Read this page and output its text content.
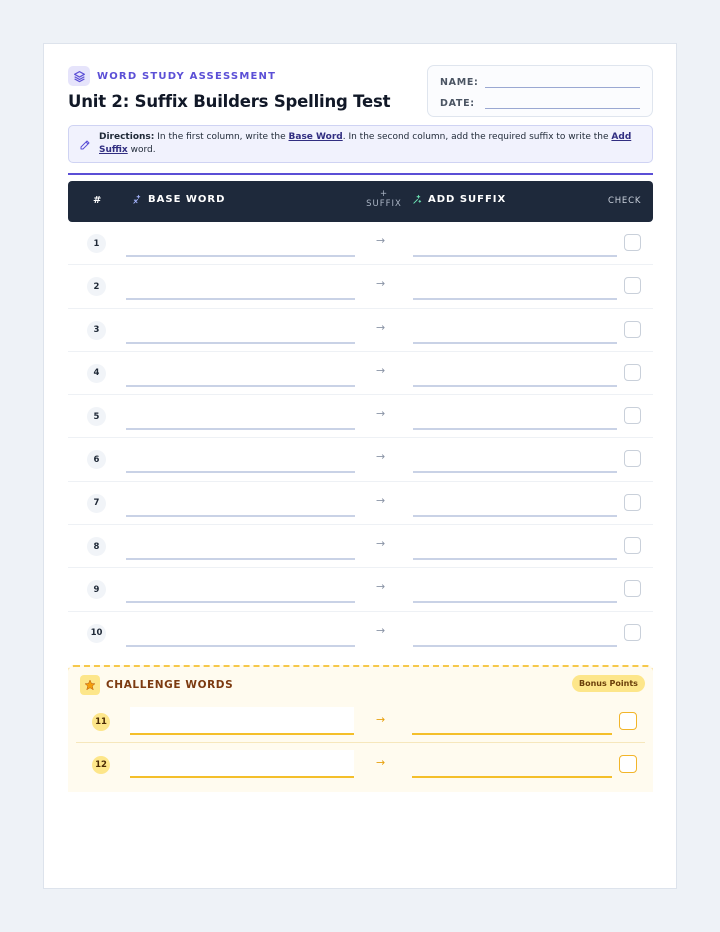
WORD STUDY ASSESSMENT
Unit 2: Suffix Builders Spelling Test
NAME:
DATE:

Directions: In the first column, write the Base Word. In the second column, add the required suffix to write the Add Suffix word.

#	BASE WORD	+
SUFFIX	ADD SUFFIX	CHECK
1	→
2	→
3	→
4	→
5	→
6	→
7	→
8	→
9	→
10	→
CHALLENGE WORDS	Bonus Points
11	→
12	→
